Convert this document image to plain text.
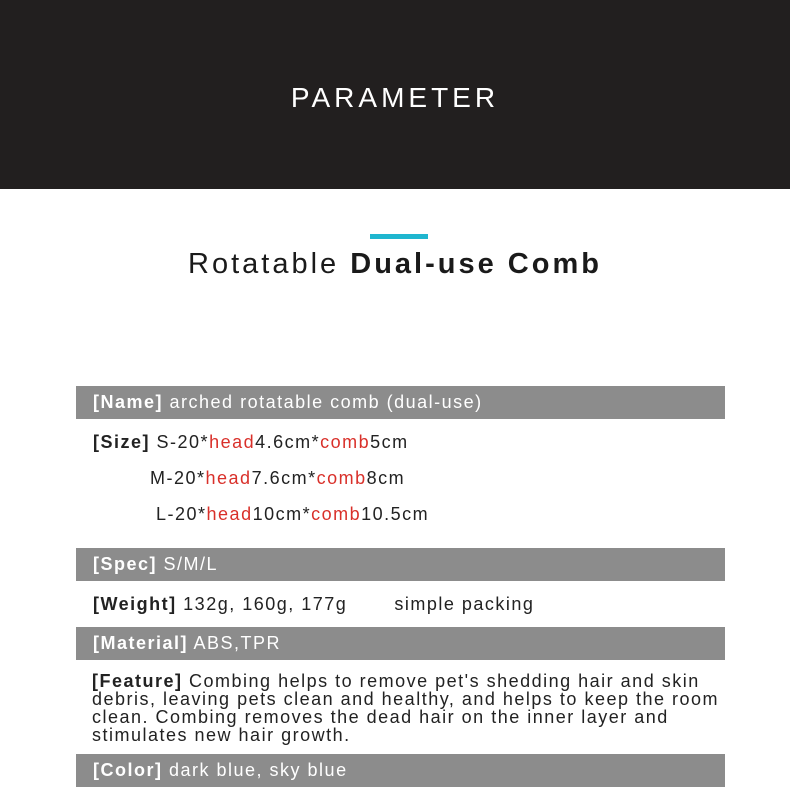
PARAMETER
Rotatable Dual-use Comb
[Name] arched rotatable comb (dual-use)
[Size] S-20*head4.6cm*comb5cm
M-20*head7.6cm*comb8cm
L-20*head10cm*comb10.5cm
[Spec] S/M/L
[Weight] 132g, 160g, 177g	simple packing
[Material] ABS,TPR
[Feature] Combing helps to remove pet's shedding hair and skin debris, leaving pets clean and healthy, and helps to keep the room clean. Combing removes the dead hair on the inner layer and stimulates new hair growth.
[Color] dark blue, sky blue
